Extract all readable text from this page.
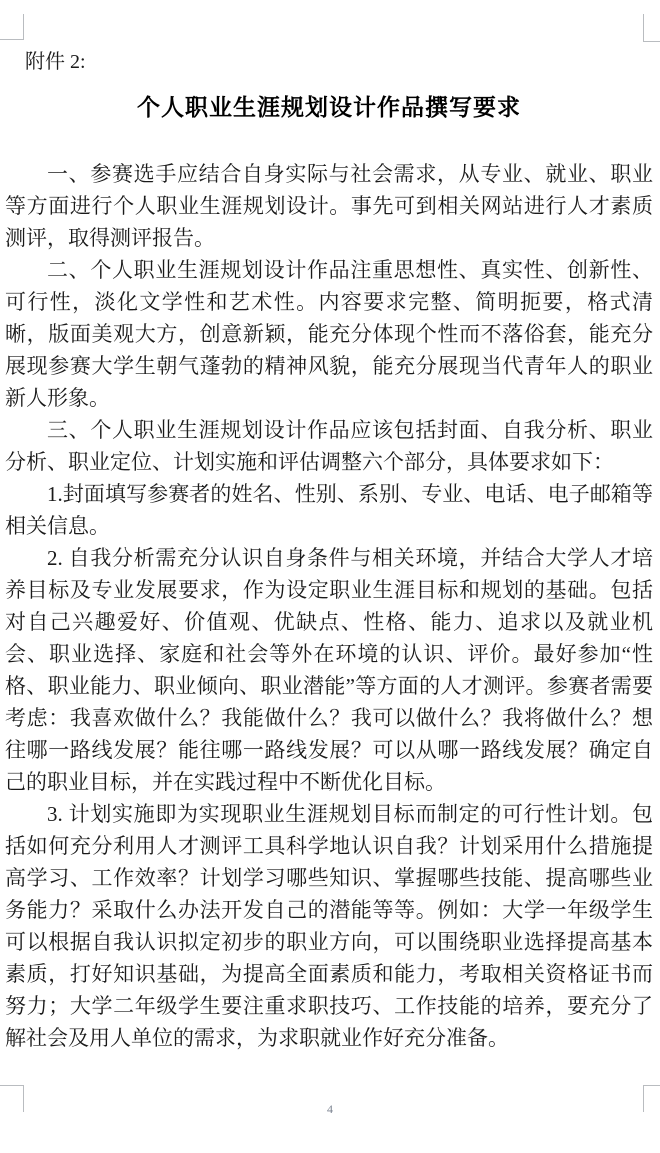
附件 2:

个人职业生涯规划设计作品撰写要求

一、参赛选手应结合自身实际与社会需求，从专业、就业、职业等方面进行个人职业生涯规划设计。事先可到相关网站进行人才素质测评，取得测评报告。

二、个人职业生涯规划设计作品注重思想性、真实性、创新性、可行性，淡化文学性和艺术性。内容要求完整、简明扼要，格式清晰，版面美观大方，创意新颖，能充分体现个性而不落俗套，能充分展现参赛大学生朝气蓬勃的精神风貌，能充分展现当代青年人的职业新人形象。

三、个人职业生涯规划设计作品应该包括封面、自我分析、职业分析、职业定位、计划实施和评估调整六个部分，具体要求如下：

1.封面填写参赛者的姓名、性别、系别、专业、电话、电子邮箱等相关信息。

2. 自我分析需充分认识自身条件与相关环境，并结合大学人才培养目标及专业发展要求，作为设定职业生涯目标和规划的基础。包括对自己兴趣爱好、价值观、优缺点、性格、能力、追求以及就业机会、职业选择、家庭和社会等外在环境的认识、评价。最好参加“性格、职业能力、职业倾向、职业潜能”等方面的人才测评。参赛者需要考虑：我喜欢做什么？我能做什么？我可以做什么？我将做什么？想往哪一路线发展？能往哪一路线发展？可以从哪一路线发展？确定自己的职业目标，并在实践过程中不断优化目标。

3. 计划实施即为实现职业生涯规划目标而制定的可行性计划。包括如何充分利用人才测评工具科学地认识自我？计划采用什么措施提高学习、工作效率？计划学习哪些知识、掌握哪些技能、提高哪些业务能力？采取什么办法开发自己的潜能等等。例如：大学一年级学生可以根据自我认识拟定初步的职业方向，可以围绕职业选择提高基本素质，打好知识基础，为提高全面素质和能力，考取相关资格证书而努力；大学二年级学生要注重求职技巧、工作技能的培养，要充分了解社会及用人单位的需求，为求职就业作好充分准备。

4
